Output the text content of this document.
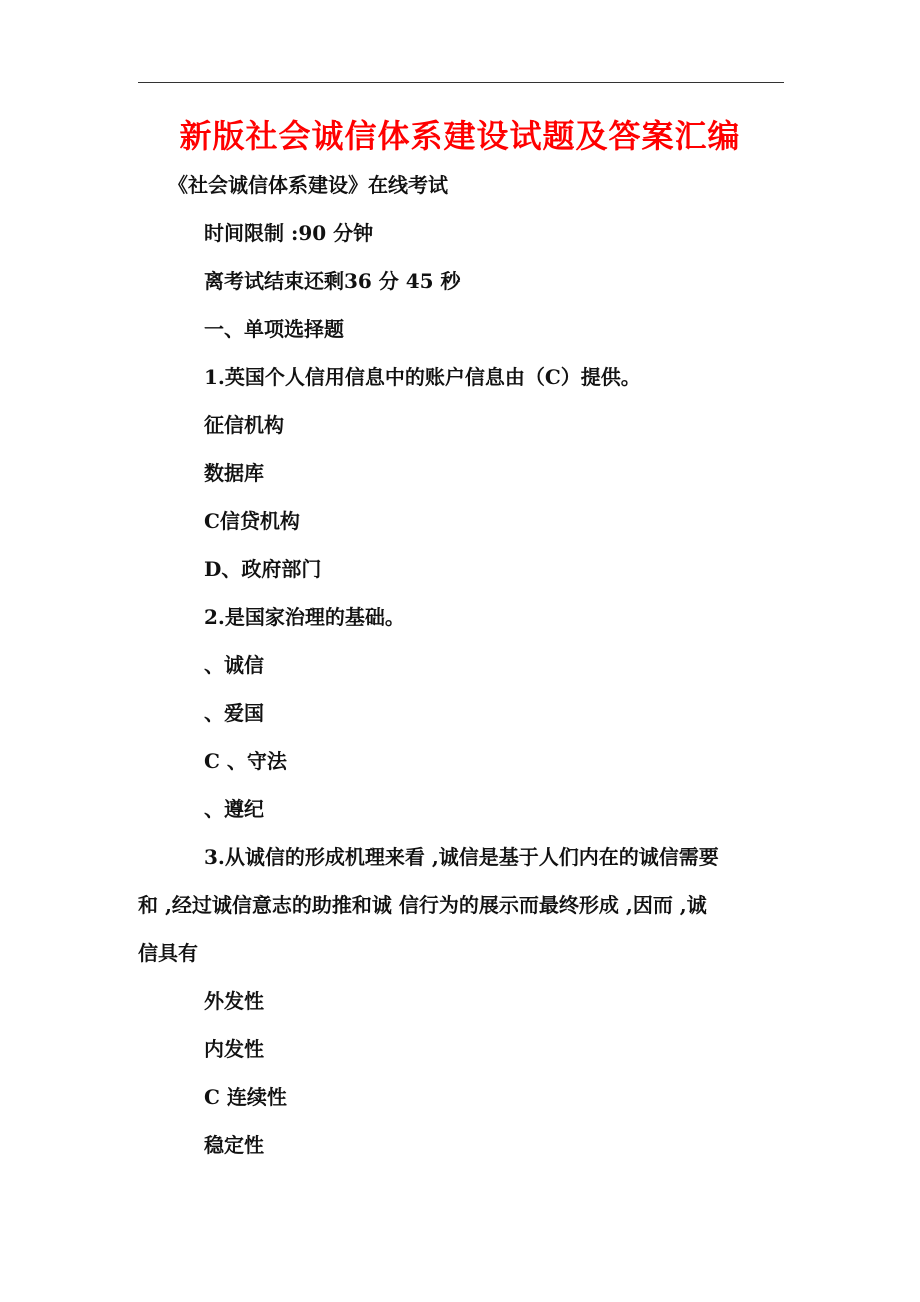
新版社会诚信体系建设试题及答案汇编
《社会诚信体系建设》在线考试
时间限制 :90 分钟
离考试结束还剩36 分 45 秒
一、单项选择题
1.英国个人信用信息中的账户信息由（C）提供。
征信机构
数据库
C信贷机构
D、政府部门
2.是国家治理的基础。
、诚信
、爱国
C 、守法
、遵纪
3.从诚信的形成机理来看 ,诚信是基于人们内在的诚信需要
和 ,经过诚信意志的助推和诚 信行为的展示而最终形成 ,因而 ,诚
信具有
外发性
内发性
C 连续性
稳定性
